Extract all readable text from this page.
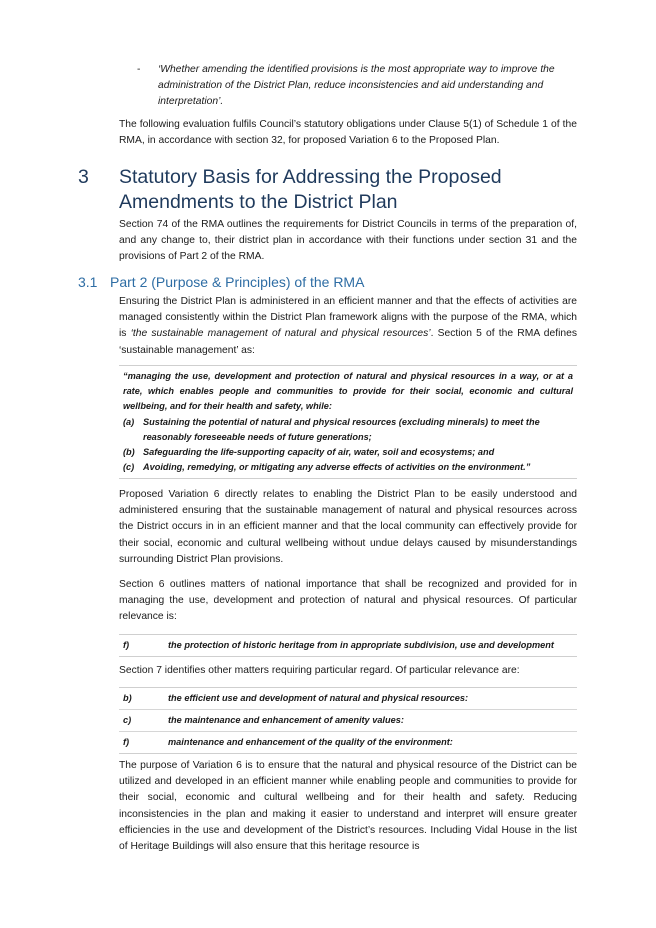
- ‘Whether amending the identified provisions is the most appropriate way to improve the administration of the District Plan, reduce inconsistencies and aid understanding and interpretation’.
The following evaluation fulfils Council’s statutory obligations under Clause 5(1) of Schedule 1 of the RMA, in accordance with section 32, for proposed Variation 6 to the Proposed Plan.
3 Statutory Basis for Addressing the Proposed Amendments to the District Plan
Section 74 of the RMA outlines the requirements for District Councils in terms of the preparation of, and any change to, their district plan in accordance with their functions under section 31 and the provisions of Part 2 of the RMA.
3.1 Part 2 (Purpose & Principles) of the RMA
Ensuring the District Plan is administered in an efficient manner and that the effects of activities are managed consistently within the District Plan framework aligns with the purpose of the RMA, which is ‘the sustainable management of natural and physical resources’. Section 5 of the RMA defines ‘sustainable management’ as:

“managing the use, development and protection of natural and physical resources in a way, or at a rate, which enables people and communities to provide for their social, economic and cultural wellbeing, and for their health and safety, while:

(a) Sustaining the potential of natural and physical resources (excluding minerals) to meet the reasonably foreseeable needs of future generations;
(b) Safeguarding the life-supporting capacity of air, water, soil and ecosystems; and
(c) Avoiding, remedying, or mitigating any adverse effects of activities on the environment.”
Proposed Variation 6 directly relates to enabling the District Plan to be easily understood and administered ensuring that the sustainable management of natural and physical resources across the District occurs in in an efficient manner and that the local community can effectively provide for their social, economic and cultural wellbeing without undue delays caused by misunderstandings surrounding District Plan provisions.
Section 6 outlines matters of national importance that shall be recognized and provided for in managing the use, development and protection of natural and physical resources. Of particular relevance is:
f)	the protection of historic heritage from in appropriate subdivision, use and development
Section 7 identifies other matters requiring particular regard. Of particular relevance are:
b)	the efficient use and development of natural and physical resources:
c)	the maintenance and enhancement of amenity values:
f)	maintenance and enhancement of the quality of the environment:
The purpose of Variation 6 is to ensure that the natural and physical resource of the District can be utilized and developed in an efficient manner while enabling people and communities to provide for their social, economic and cultural wellbeing and for their health and safety. Reducing inconsistencies in the plan and making it easier to understand and interpret will ensure greater efficiencies in the use and development of the District’s resources. Including Vidal House in the list of Heritage Buildings will also ensure that this heritage resource is
